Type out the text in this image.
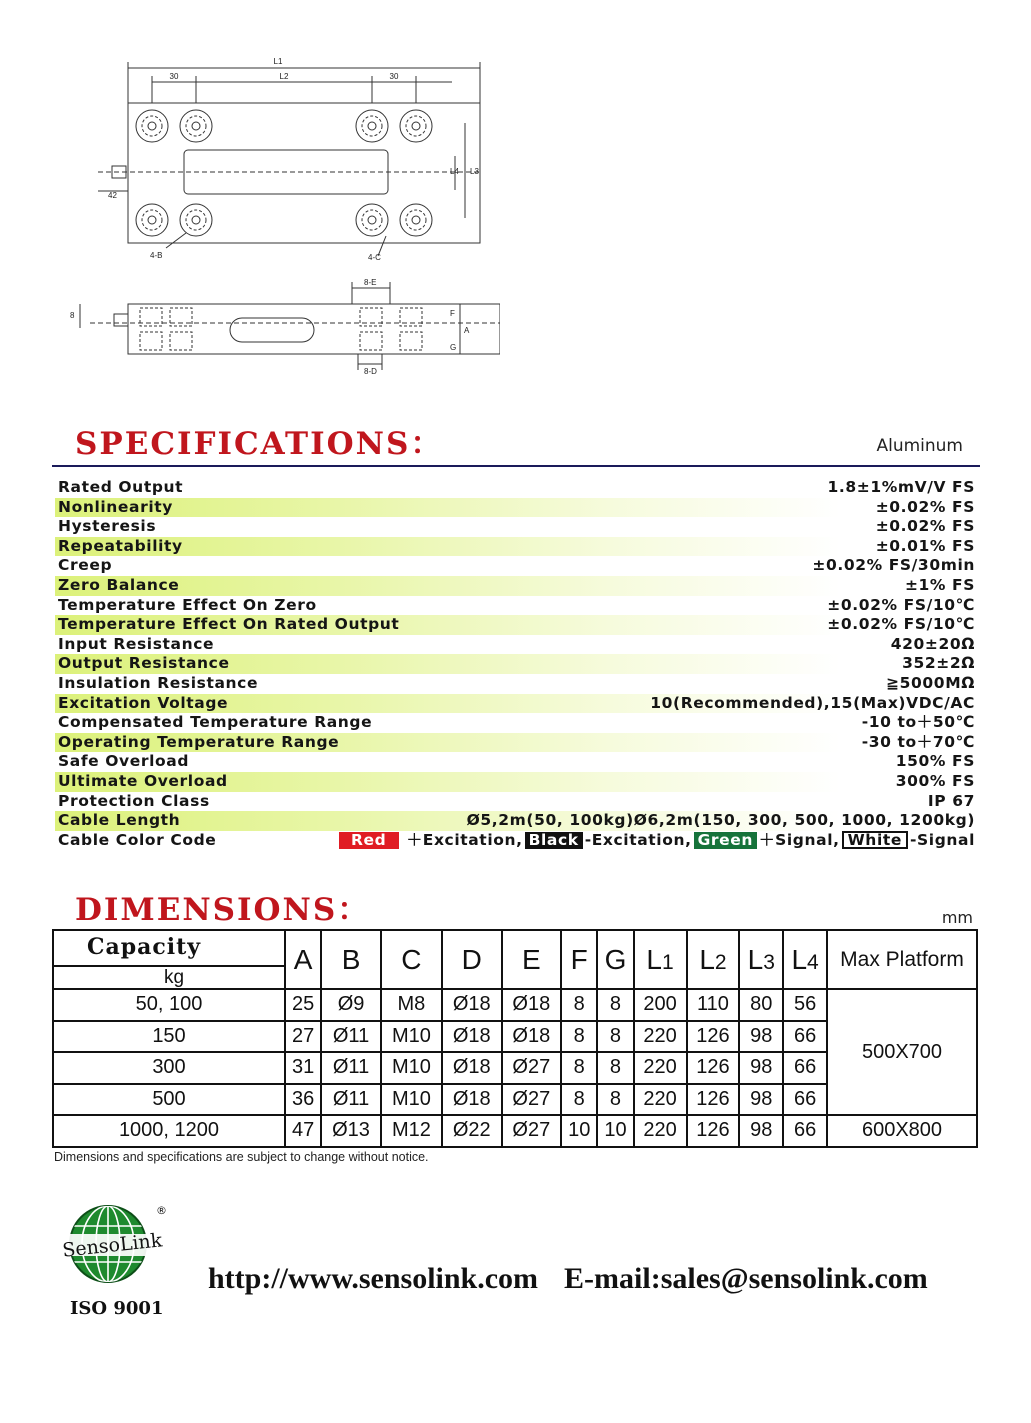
L1
L2
30	30
L4 L3
42
4-B	4-C
8
8-E
8-D
F
A
G
SPECIFICATIONS：	Aluminum
Rated Output	1.8±1%mV/V FS
Nonlinearity	±0.02% FS
Hysteresis	±0.02% FS
Repeatability	±0.01% FS
Creep	±0.02% FS/30min
Zero Balance	±1% FS
Temperature Effect On Zero	±0.02% FS/10℃
Temperature Effect On Rated Output	±0.02% FS/10℃
Input Resistance	420±20Ω
Output Resistance	352±2Ω
Insulation Resistance	≧5000MΩ
Excitation Voltage	10(Recommended),15(Max)VDC/AC
Compensated Temperature Range	-10 to＋50℃
Operating Temperature Range	-30 to＋70℃
Safe Overload	150% FS
Ultimate Overload	300% FS
Protection Class	IP 67
Cable Length	Ø5,2m(50, 100kg)Ø6,2m(150, 300, 500, 1000, 1200kg)
Cable Color Code	Red ＋Excitation, Black -Excitation, Green ＋Signal, White -Signal
DIMENSIONS：	mm
Capacity
kg	A	B	C	D	E	F	G	L1	L2	L3	L4	Max Platform
50, 100	25	Ø9	M8	Ø18	Ø18	8	8	200	110	80	56	500X700
150	27	Ø11	M10	Ø18	Ø18	8	8	220	126	98	66	
300	31	Ø11	M10	Ø18	Ø27	8	8	220	126	98	66	
500	36	Ø11	M10	Ø18	Ø27	8	8	220	126	98	66	
1000, 1200	47	Ø13	M12	Ø22	Ø27	10	10	220	126	98	66	600X800
Dimensions and specifications are subject to change without notice.
SensoLink
®
ISO 9001
http://www.sensolink.com E-mail:sales@sensolink.com
